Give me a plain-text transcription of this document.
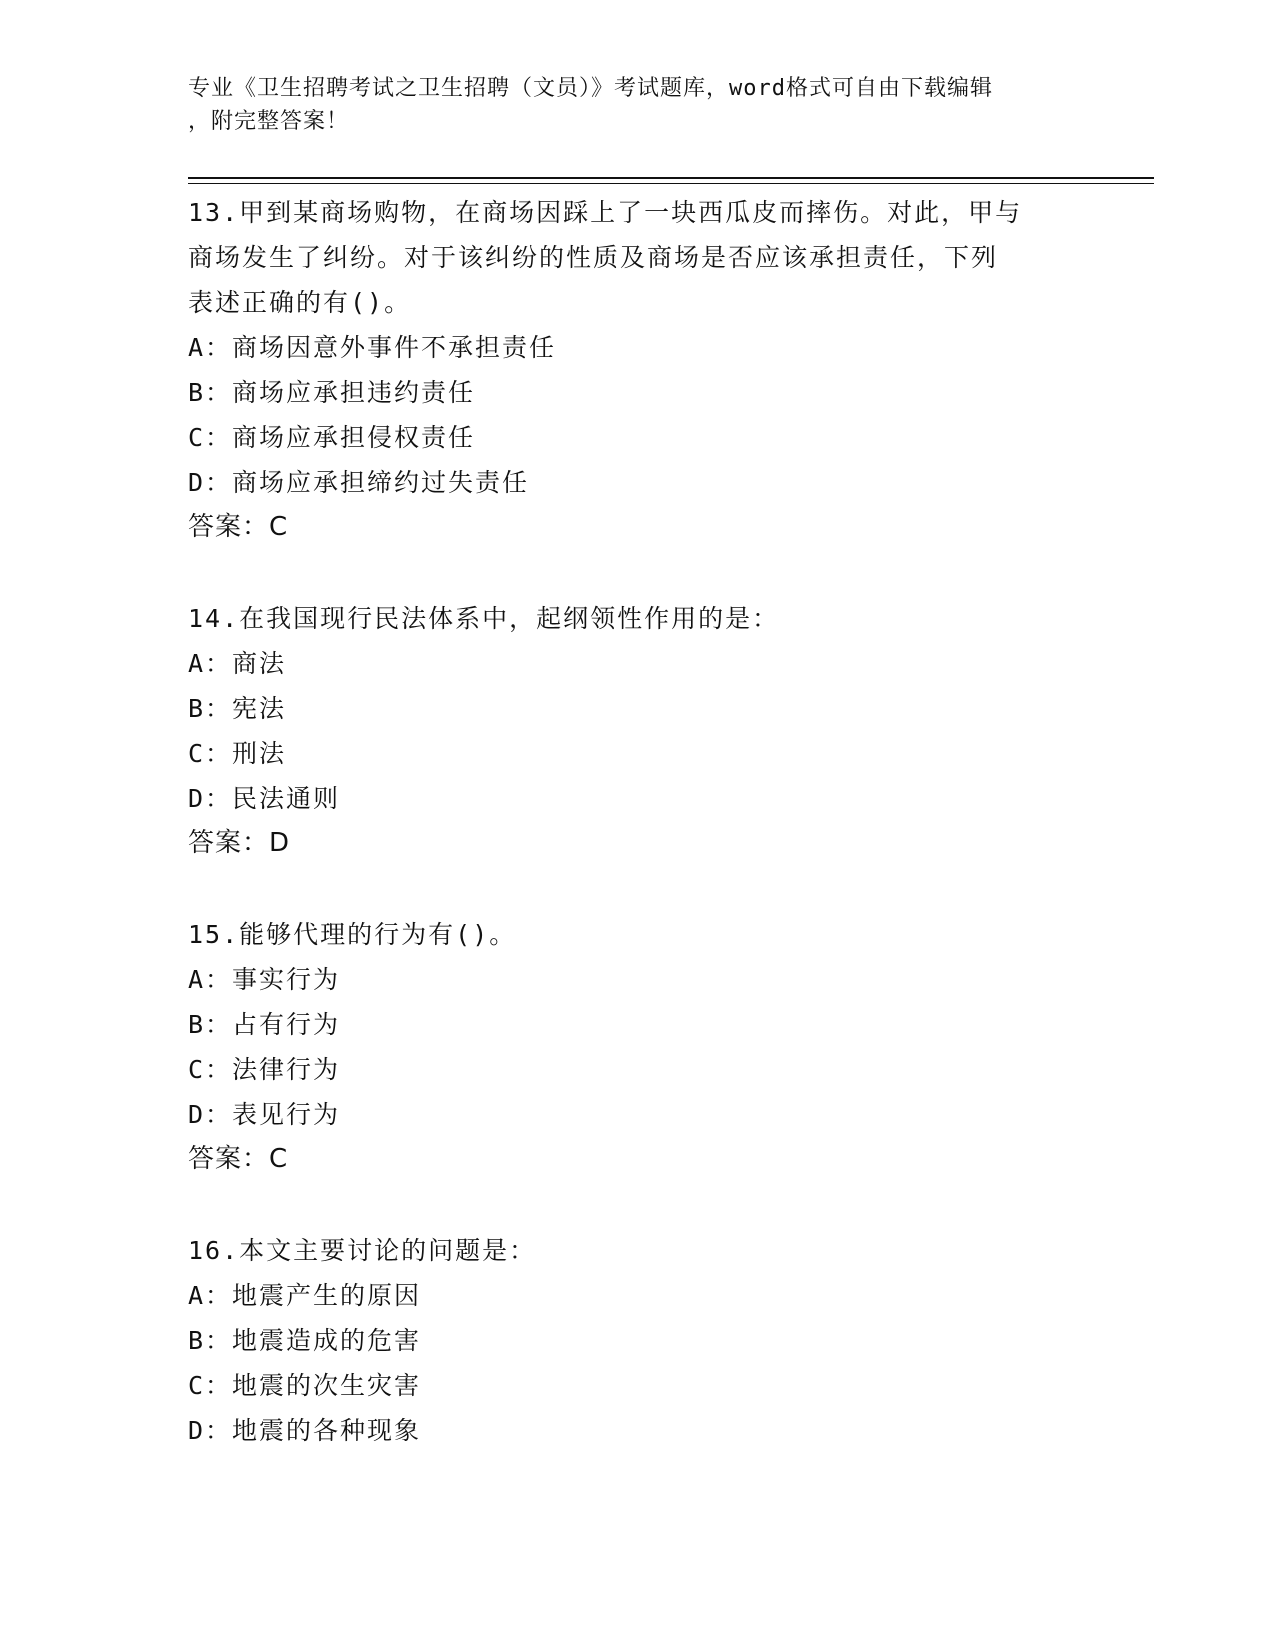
专业《卫生招聘考试之卫生招聘（文员）》考试题库，word格式可自由下载编辑
，附完整答案！

13.甲到某商场购物，在商场因踩上了一块西瓜皮而摔伤。对此，甲与

商场发生了纠纷。对于该纠纷的性质及商场是否应该承担责任，下列

表述正确的有()。

A：商场因意外事件不承担责任

B：商场应承担违约责任

C：商场应承担侵权责任

D：商场应承担缔约过失责任

答案：C

14.在我国现行民法体系中，起纲领性作用的是：

A：商法

B：宪法

C：刑法

D：民法通则

答案：D

15.能够代理的行为有()。

A：事实行为

B：占有行为

C：法律行为

D：表见行为

答案：C

16.本文主要讨论的问题是：

A：地震产生的原因

B：地震造成的危害

C：地震的次生灾害

D：地震的各种现象
